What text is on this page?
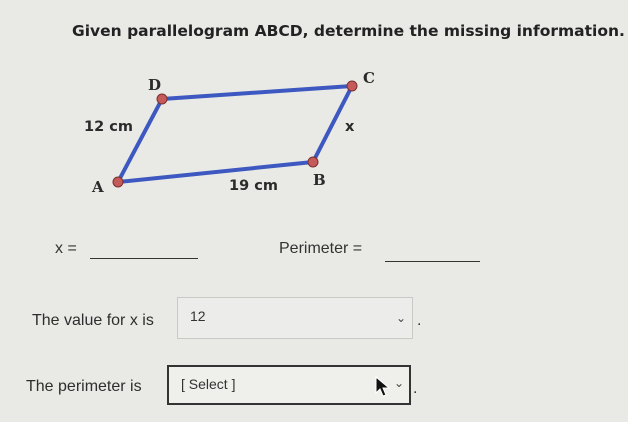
Given parallelogram ABCD, determine the missing information.
D	C
A	B
12 cm
19 cm
x
x =	Perimeter =
The value for x is	12	⌄ .
The perimeter is	[ Select ]	⌄ .
